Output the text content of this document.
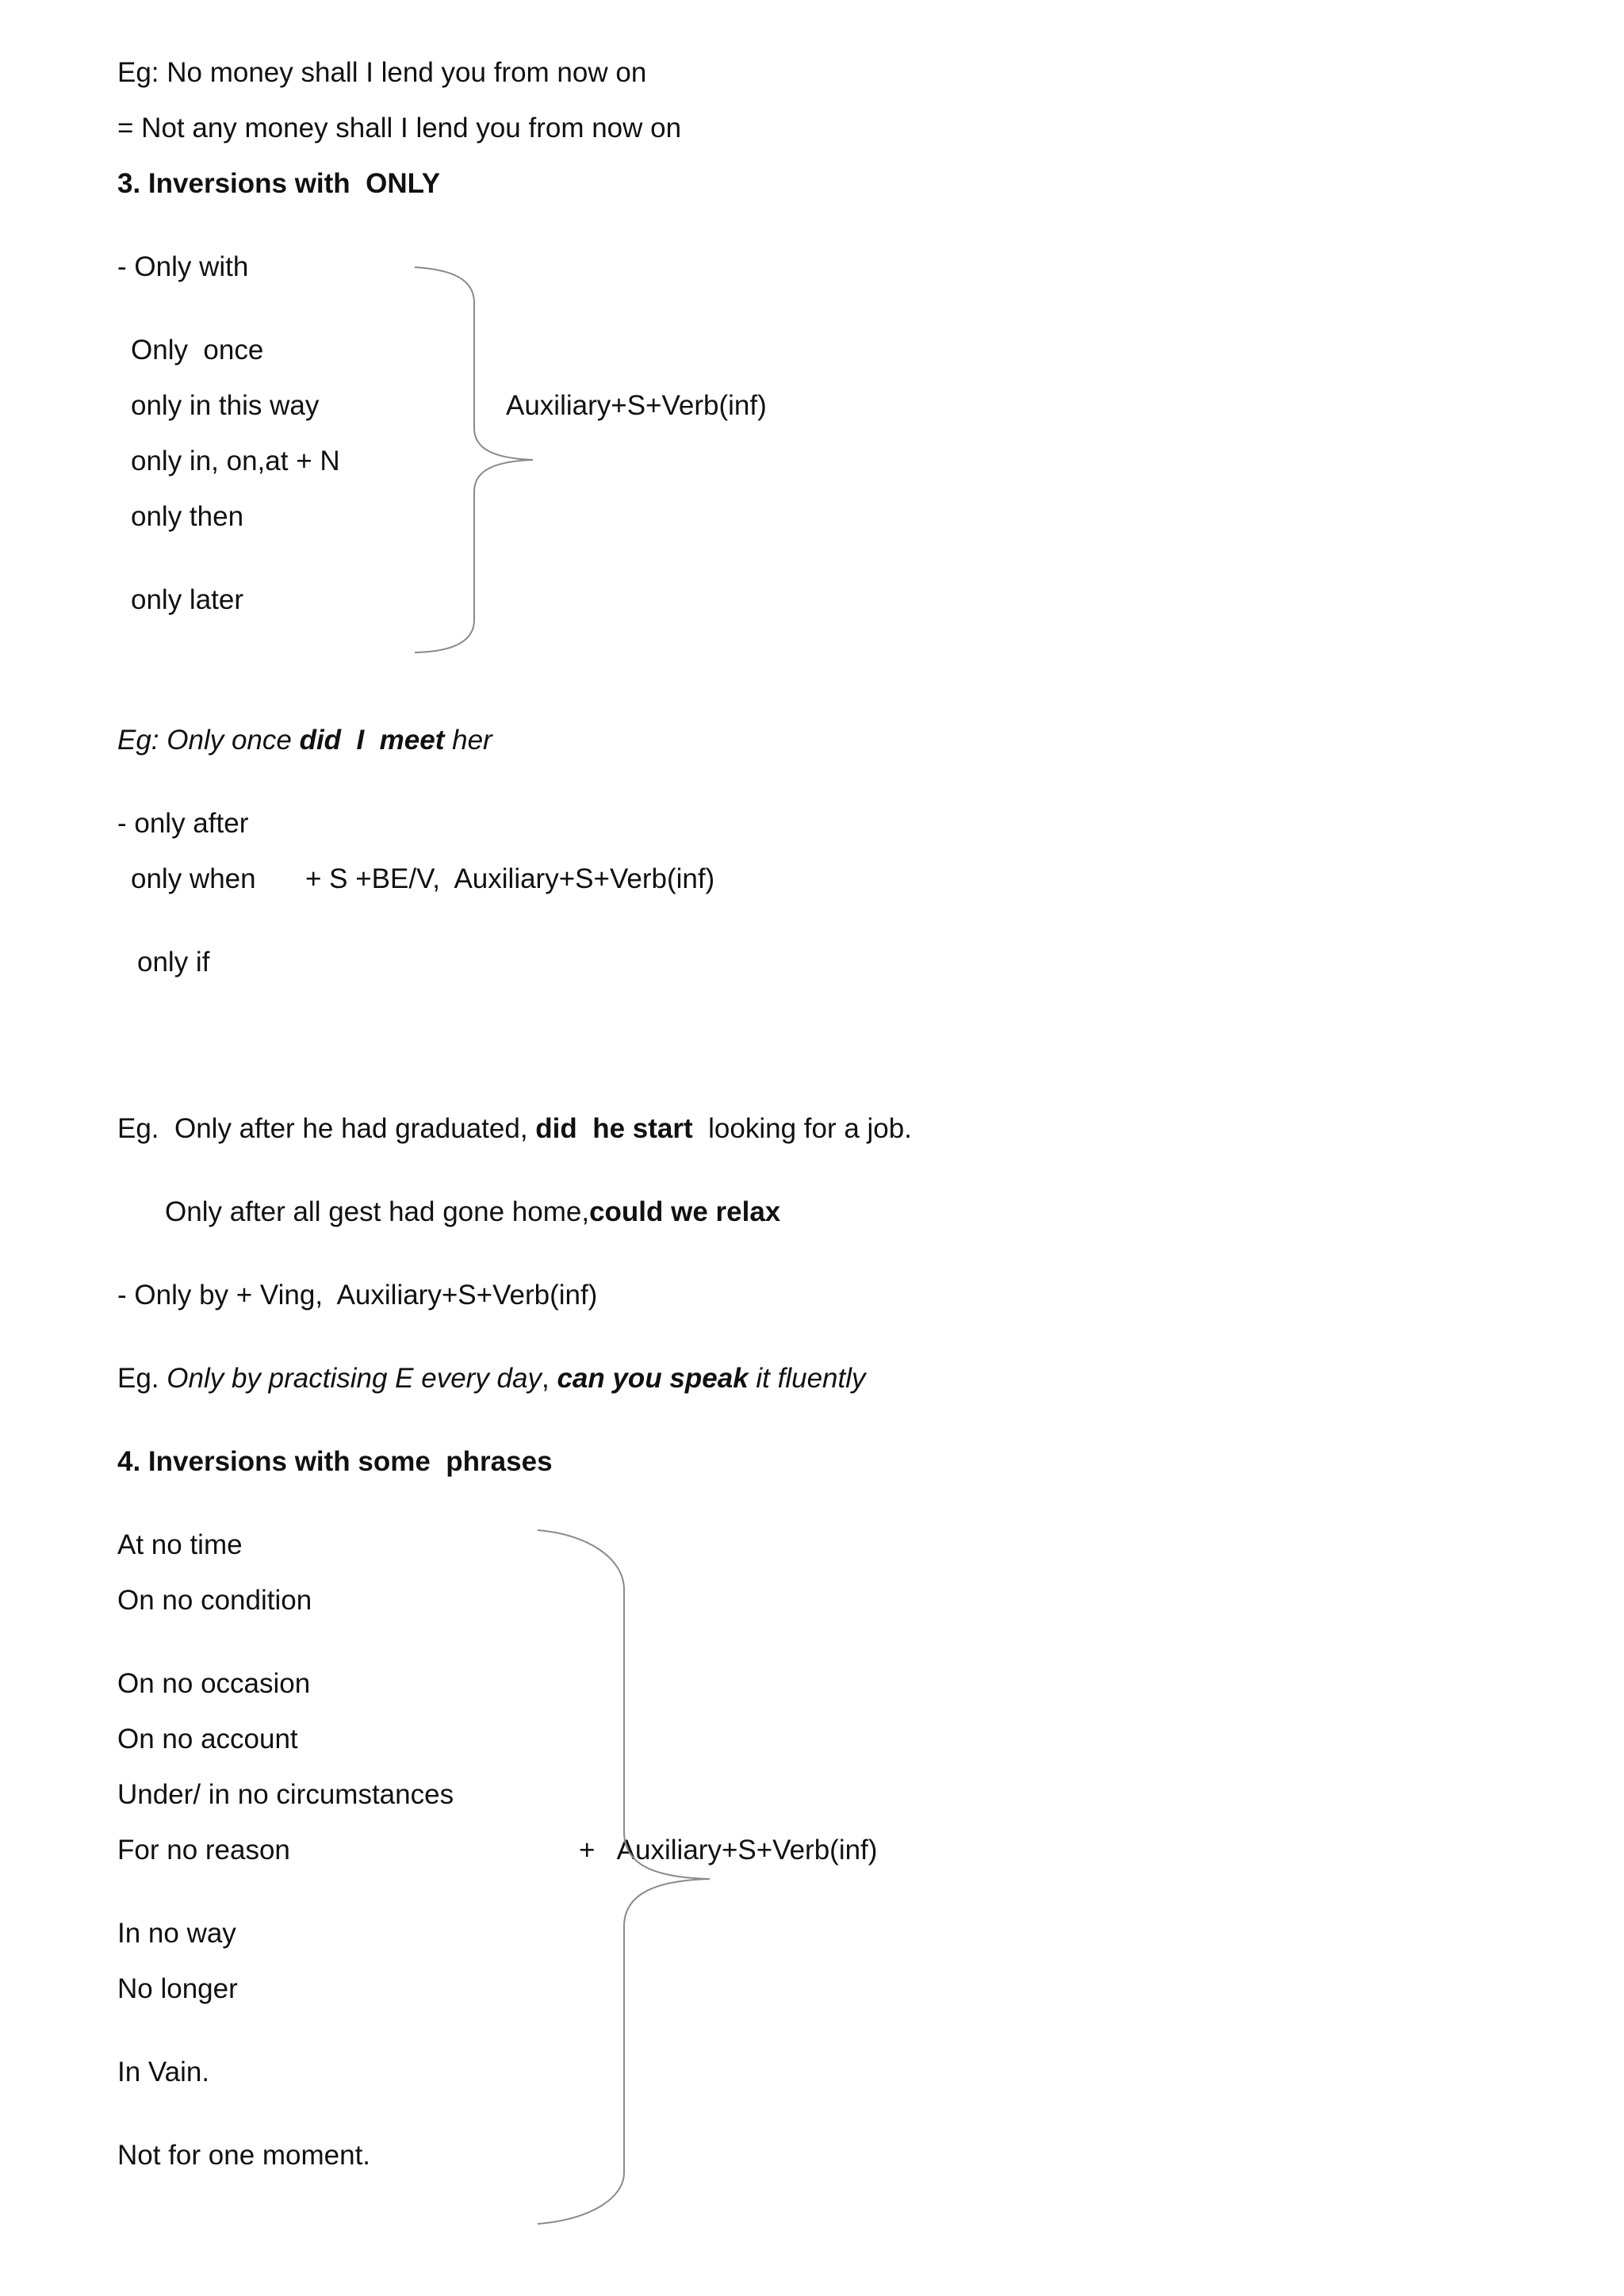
Eg: No money shall I lend you from now on
= Not any money shall I lend you from now on
3. Inversions with  ONLY
- Only with
Only  once
only in this way
only in, on,at + N
only then
only later
Auxiliary+S+Verb(inf)
Eg: Only once did  I  meet her
- only after
only when + S +BE/V,  Auxiliary+S+Verb(inf)
only if
Eg.  Only after he had graduated, did  he start  looking for a job.
Only after all gest had gone home,could we relax
- Only by + Ving,  Auxiliary+S+Verb(inf)
Eg. Only by practising E every day, can you speak it fluently
4. Inversions with some  phrases
At no time
On no condition
On no occasion
On no account
Under/ in no circumstances
For no reason
In no way
No longer
In Vain.
Not for one moment.
+   Auxiliary+S+Verb(inf)
